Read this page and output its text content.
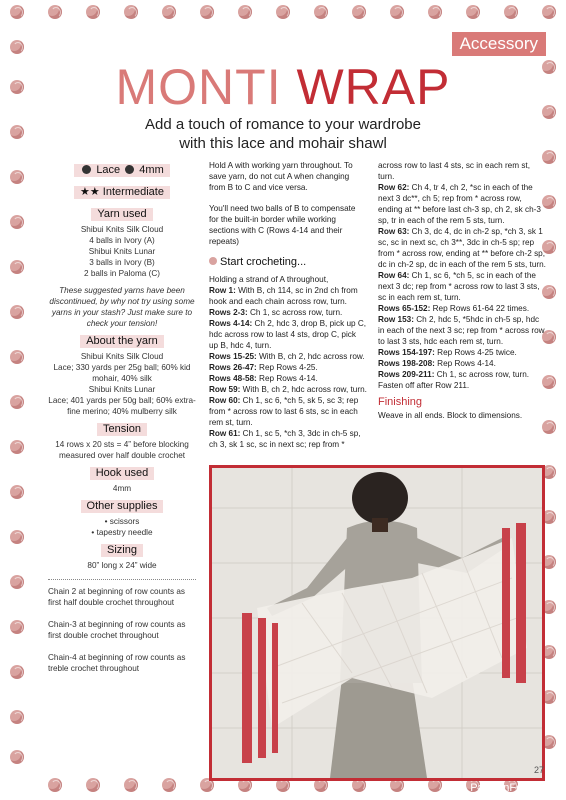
Accessory
MONTI WRAP
Add a touch of romance to your wardrobe
with this lace and mohair shawl
Lace 4mm
★★ Intermediate
Yarn used
Shibui Knits Silk Cloud
4 balls in Ivory (A)
Shibui Knits Lunar
3 balls in Ivory (B)
2 balls in Paloma (C)
These suggested yarns have been discontinued, by why not try using some yarns in your stash? Just make sure to check your tension!
About the yarn
Shibui Knits Silk Cloud
Lace; 330 yards per 25g ball; 60% kid mohair, 40% silk
Shibui Knits Lunar
Lace; 401 yards per 50g ball; 60% extra-fine merino; 40% mulberry silk
Tension
14 rows x 20 sts = 4” before blocking measured over half double crochet
Hook used
4mm
Other supplies
• scissors
• tapestry needle
Sizing
80” long x 24” wide
Chain 2 at beginning of row counts as first half double crochet throughout
Chain-3 at beginning of row counts as first double crochet throughout
Chain-4 at beginning of row counts as treble crochet throughout

Hold A with working yarn throughout. To save yarn, do not cut A when changing from B to C and vice versa.

You'll need two balls of B to compensate for the built-in border while working sections with C (Rows 4-14 and their repeats)

Start crocheting...
Holding a strand of A throughout,
Row 1: With B, ch 114, sc in 2nd ch from hook and each chain across row, turn.
Rows 2-3: Ch 1, sc across row, turn.
Rows 4-14: Ch 2, hdc 3, drop B, pick up C, hdc across row to last 4 sts, drop C, pick up B, hdc 4, turn.
Rows 15-25: With B, ch 2, hdc across row.
Rows 26-47: Rep Rows 4-25.
Rows 48-58: Rep Rows 4-14.
Row 59: With B, ch 2, hdc across row, turn.
Row 60: Ch 1, sc 6, *ch 5, sk 5, sc 3; rep from * across row to last 6 sts, sc in each rem st, turn.
Row 61: Ch 1, sc 5, *ch 3, 3dc in ch-5 sp, ch 3, sk 1 sc, sc in next sc; rep from *
across row to last 4 sts, sc in each rem st, turn.
Row 62: Ch 4, tr 4, ch 2, *sc in each of the next 3 dc**, ch 5; rep from * across row, ending at ** before last ch-3 sp, ch 2, sk ch-3 sp, tr in each of the rem 5 sts, turn.
Row 63: Ch 3, dc 4, dc in ch-2 sp, *ch 3, sk 1 sc, sc in next sc, ch 3**, 3dc in ch-5 sp; rep from * across row, ending at ** before ch-2 sp, dc in ch-2 sp, dc in each of the rem 5 sts, turn.
Row 64: Ch 1, sc 6, *ch 5, sc in each of the next 3 dc; rep from * across row to last 3 sts, sc in each rem st, turn.
Rows 65-152: Rep Rows 61-64 22 times.
Row 153: Ch 2, hdc 5, *5hdc in ch-5 sp, hdc in each of the next 3 sc; rep from * across row to last 3 sts, hdc each rem st, turn.
Rows 154-197: Rep Rows 4-25 twice.
Rows 198-208: Rep Rows 4-14.
Rows 209-211: Ch 1, sc across row, turn. Fasten off after Row 211.
Finishing
Weave in all ends. Block to dimensions.
27
PassionForum.ru
